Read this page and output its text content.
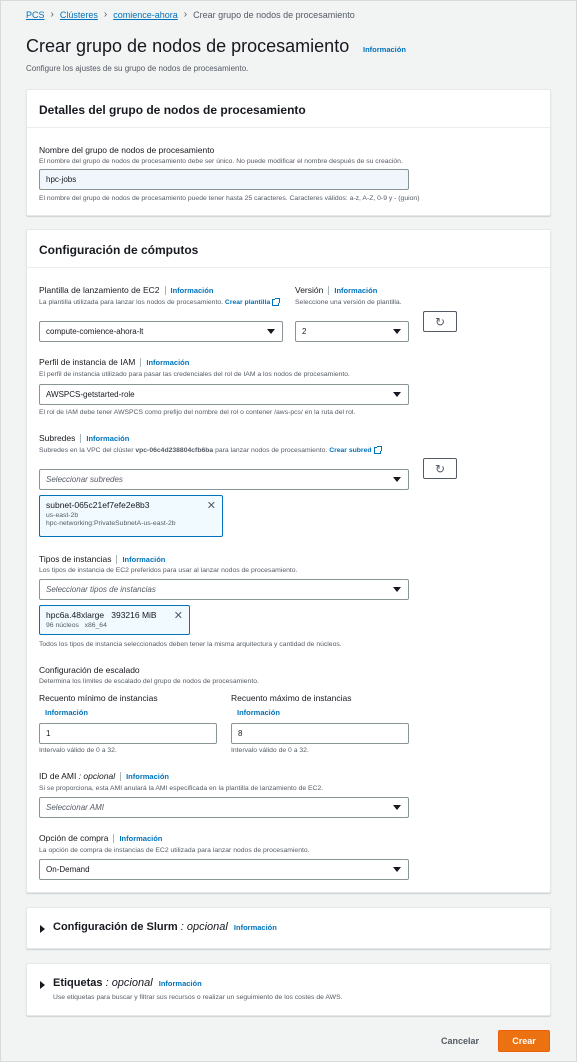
PCS › Clústeres › comience-ahora › Crear grupo de nodos de procesamiento
Crear grupo de nodos de procesamiento Información
Configure los ajustes de su grupo de nodos de procesamiento.
Detalles del grupo de nodos de procesamiento
Nombre del grupo de nodos de procesamiento
El nombre del grupo de nodos de procesamiento debe ser único. No puede modificar el nombre después de su creación.
hpc-jobs
El nombre del grupo de nodos de procesamiento puede tener hasta 25 caracteres. Caracteres válidos: a-z, A-Z, 0-9 y - (guion)
Configuración de cómputos
Plantilla de lanzamiento de EC2 Información
La plantilla utilizada para lanzar los nodos de procesamiento. Crear plantilla
compute-comience-ahora-lt
Versión Información
Seleccione una versión de plantilla.
2
↻
Perfil de instancia de IAM Información
El perfil de instancia utilizado para pasar las credenciales del rol de IAM a los nodos de procesamiento.
AWSPCS-getstarted-role
El rol de IAM debe tener AWSPCS como prefijo del nombre del rol o contener /aws-pcs/ en la ruta del rol.
Subredes Información
Subredes en la VPC del clúster vpc-06c4d238804cfb6ba para lanzar nodos de procesamiento. Crear subred
Seleccionar subredes
↻
subnet-065c21ef7efe2e8b3
us-east-2b
hpc-networking:PrivateSubnetA-us-east-2b
✕
Tipos de instancias Información
Los tipos de instancia de EC2 preferidos para usar al lanzar nodos de procesamiento.
Seleccionar tipos de instancias
hpc6a.48xlarge 393216 MiB
96 núcleos x86_64
✕
Todos los tipos de instancia seleccionados deben tener la misma arquitectura y cantidad de núcleos.
Configuración de escalado
Determina los límites de escalado del grupo de nodos de procesamiento.
Recuento mínimo de instancias
Información
1
Intervalo válido de 0 a 32.
Recuento máximo de instancias
Información
8
Intervalo válido de 0 a 32.
ID de AMI : opcional Información
Si se proporciona, esta AMI anulará la AMI especificada en la plantilla de lanzamiento de EC2.
Seleccionar AMI
Opción de compra Información
La opción de compra de instancias de EC2 utilizada para lanzar nodos de procesamiento.
On-Demand
Configuración de Slurm : opcional Información
Etiquetas : opcional Información
Use etiquetas para buscar y filtrar sus recursos o realizar un seguimiento de los costes de AWS.
Cancelar	Crear
